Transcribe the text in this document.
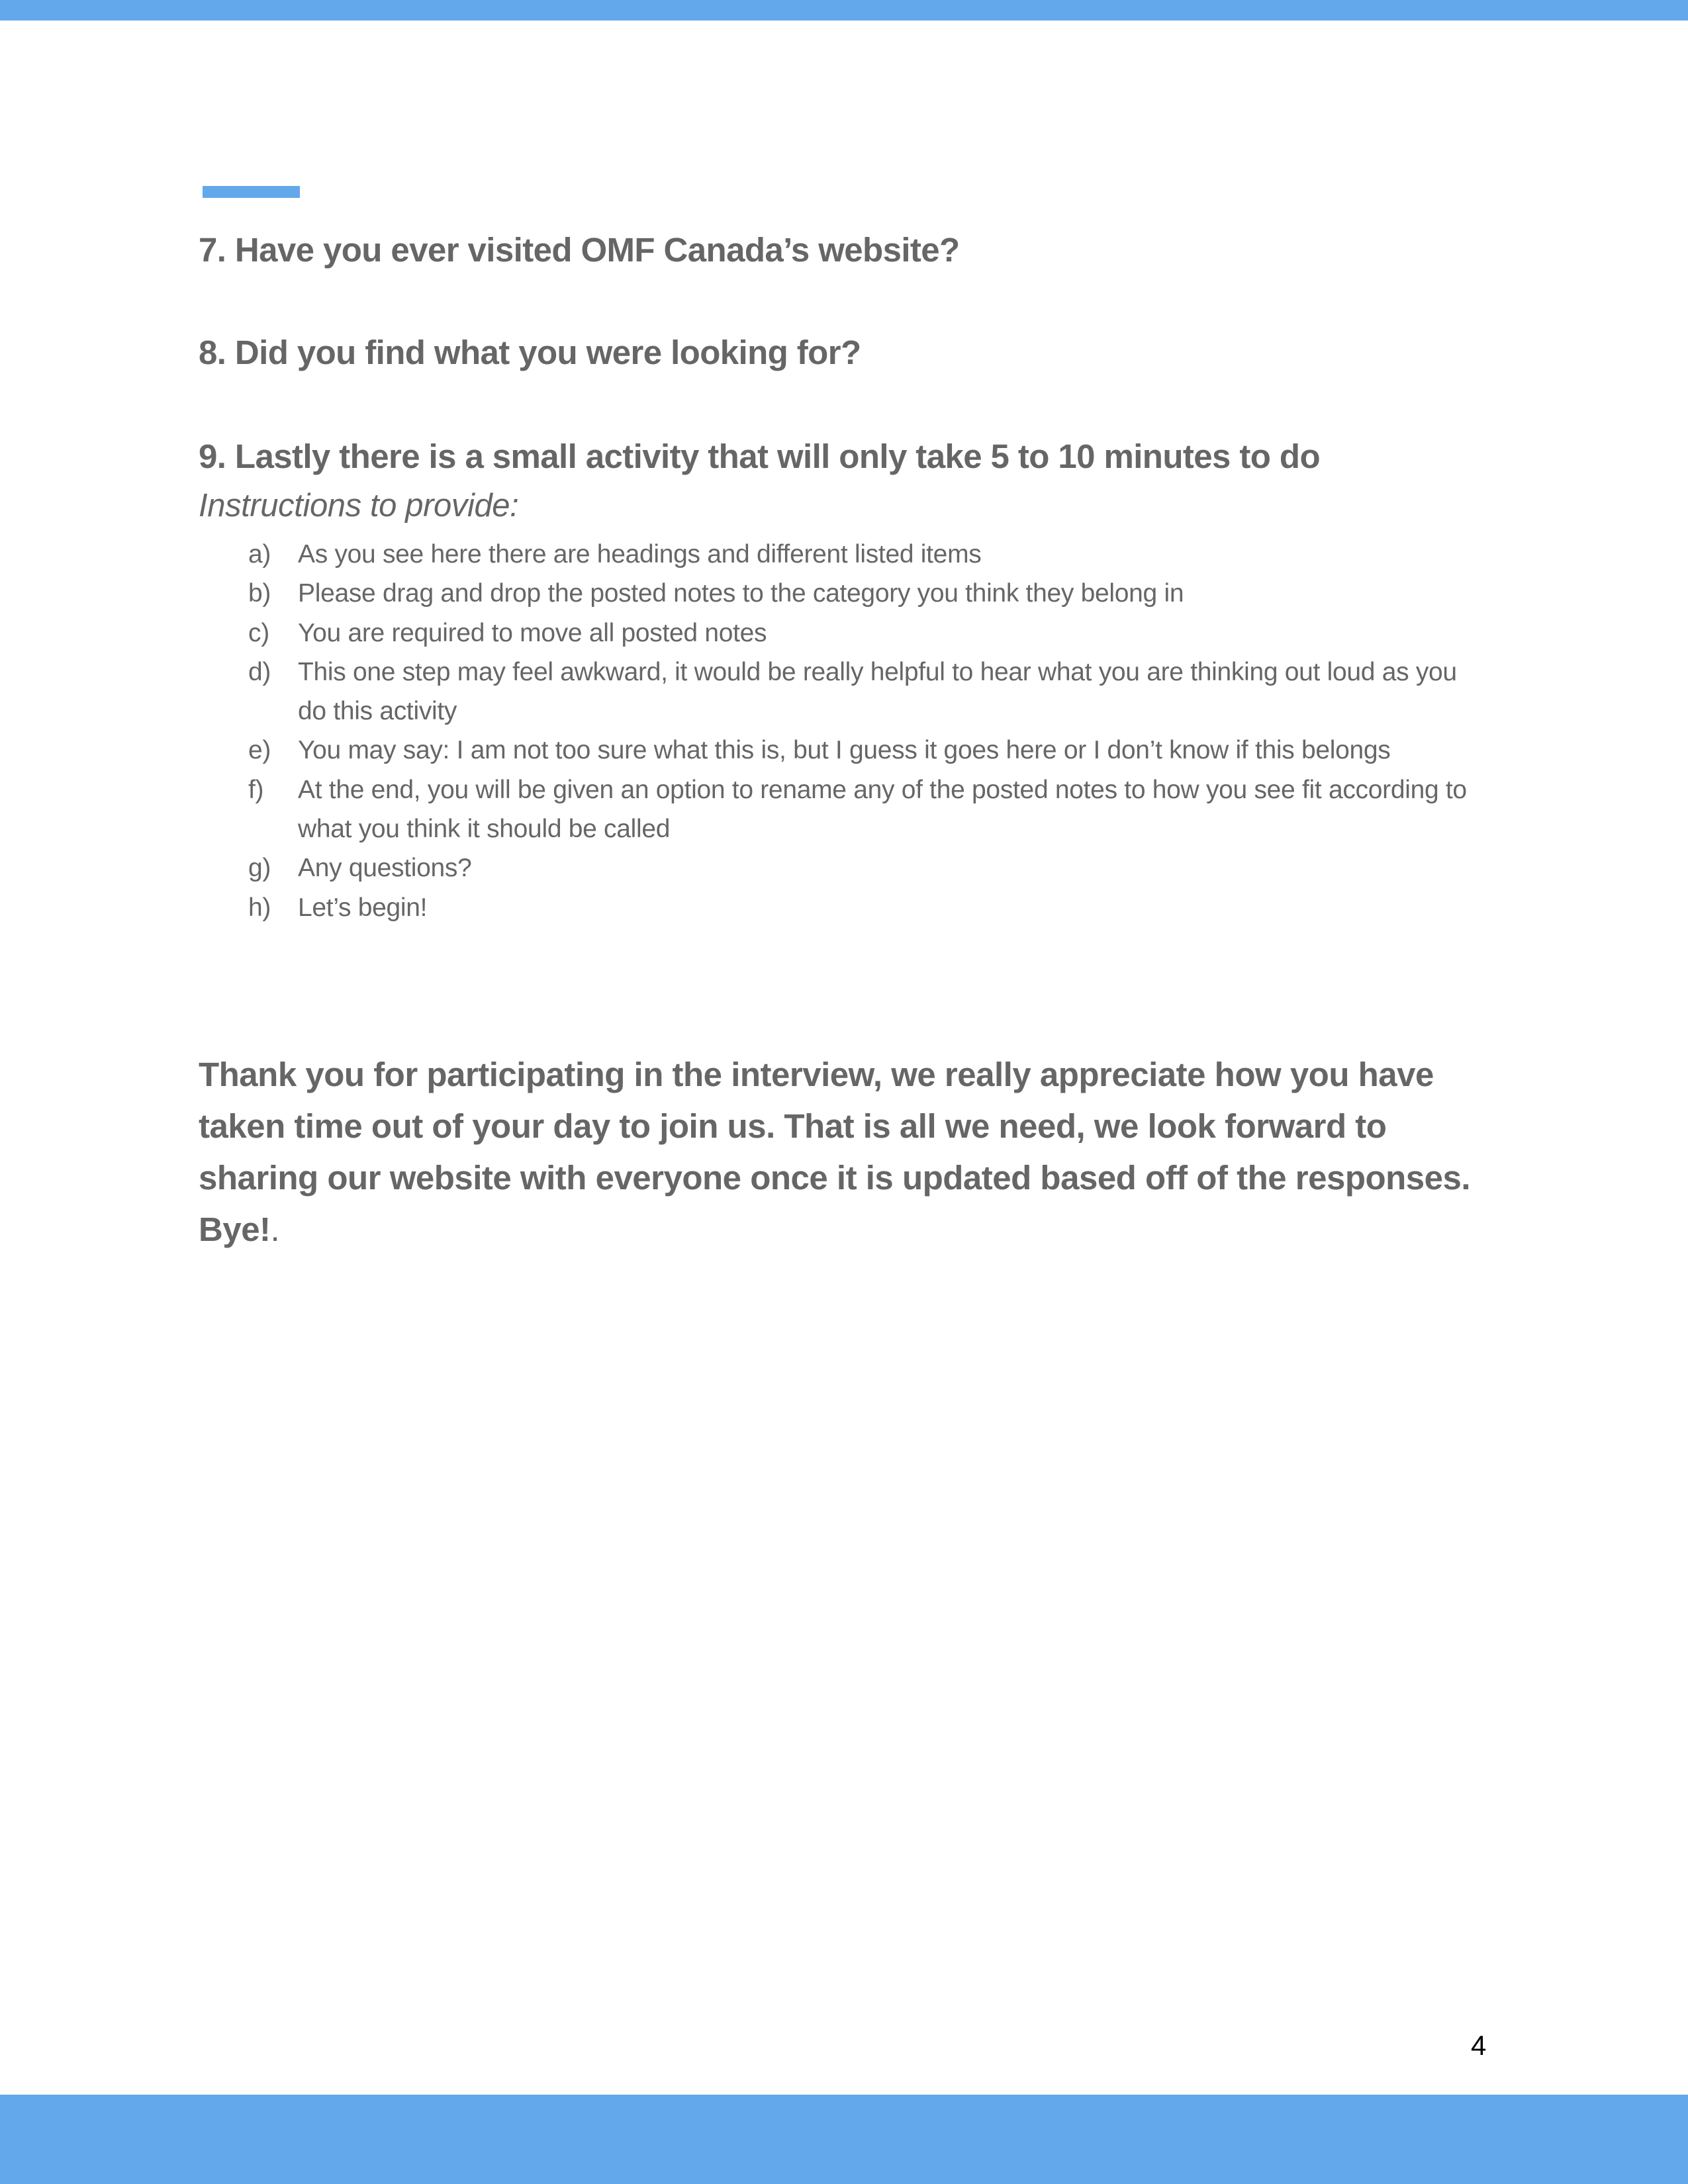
7. Have you ever visited OMF Canada’s website?
8. Did you find what you were looking for?
9. Lastly there is a small activity that will only take 5 to 10 minutes to do

Instructions to provide:

a) As you see here there are headings and different listed items
b) Please drag and drop the posted notes to the category you think they belong in
c) You are required to move all posted notes
d) This one step may feel awkward, it would be really helpful to hear what you are thinking out loud as you do this activity
e) You may say: I am not too sure what this is, but I guess it goes here or I don’t know if this belongs
f) At the end, you will be given an option to rename any of the posted notes to how you see fit according to what you think it should be called
g) Any questions?
h) Let’s begin!

Thank you for participating in the interview, we really appreciate how you have taken time out of your day to join us. That is all we need, we look forward to sharing our website with everyone once it is updated based off of the responses. Bye!.

4
